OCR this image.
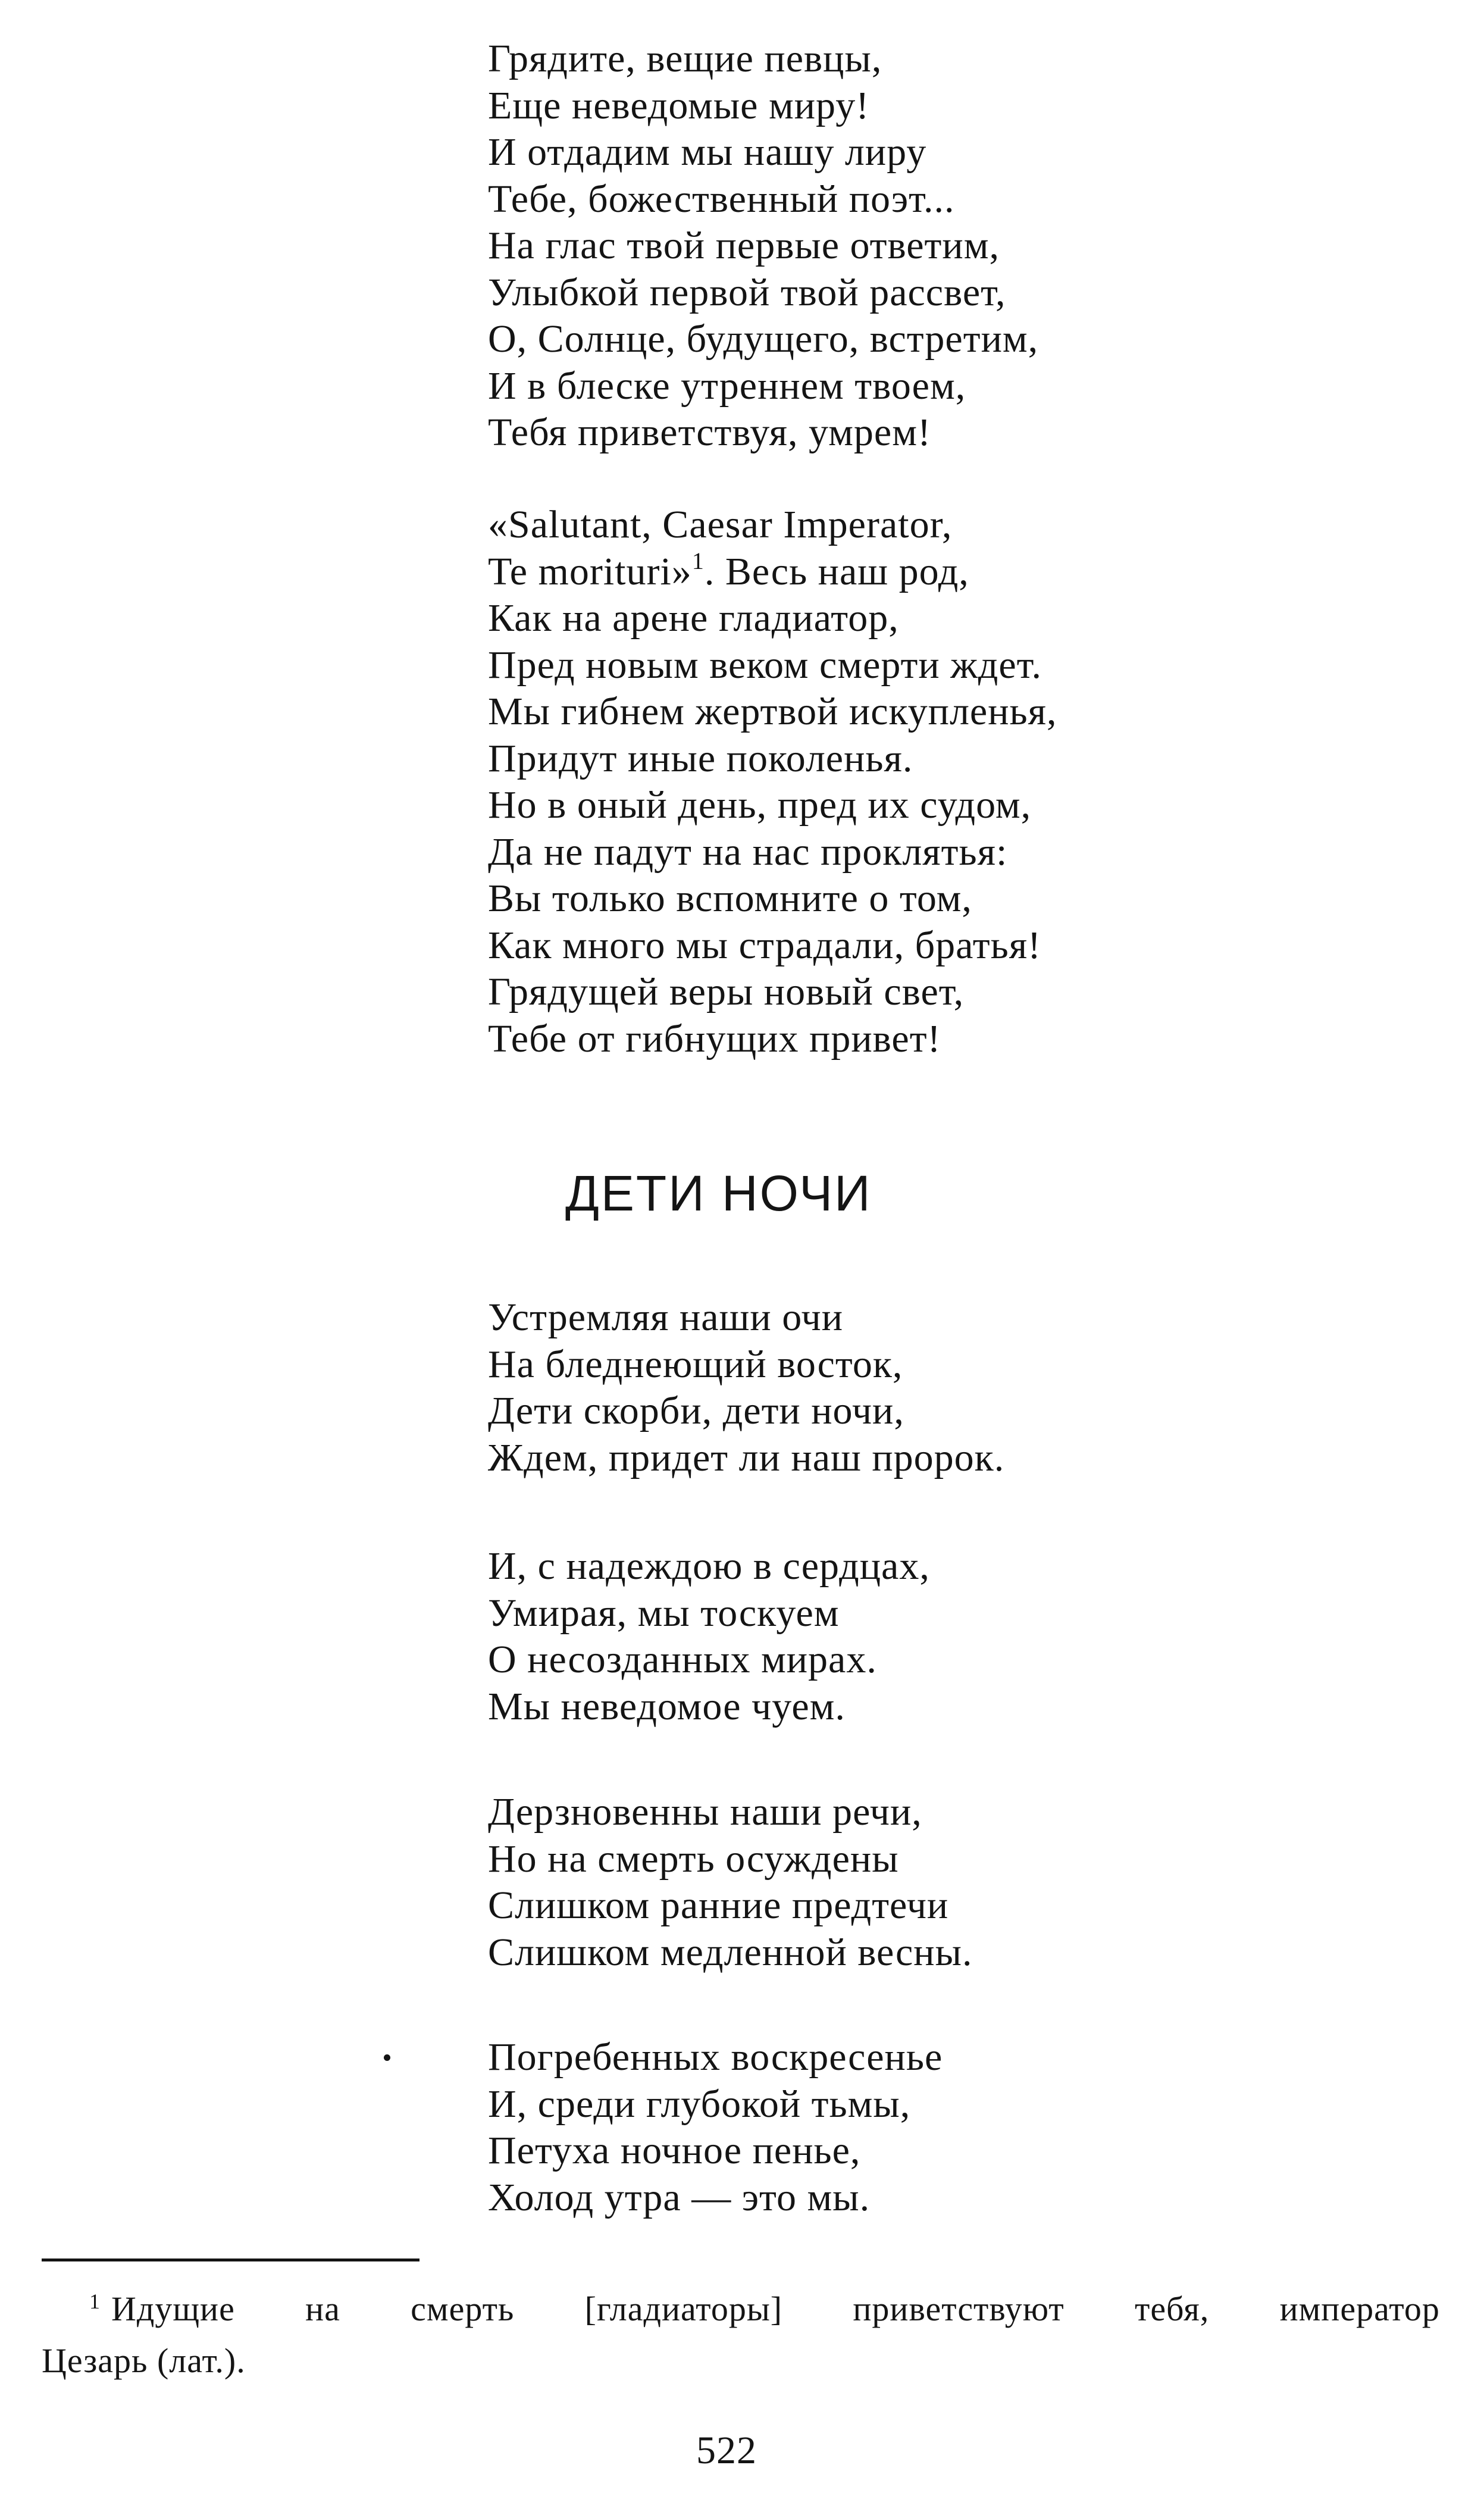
Грядите, вещие певцы,
Еще неведомые миру!
И отдадим мы нашу лиру
Тебе, божественный поэт...
На глас твой первые ответим,
Улыбкой первой твой рассвет,
О, Солнце, будущего, встретим,
И в блеске утреннем твоем,
Тебя приветствуя, умрем!
«Salutant, Caesar Imperator,
Te morituri»$^1$. Весь наш род,
Как на арене гладиатор,
Пред новым веком смерти ждет.
Мы гибнем жертвой искупленья,
Придут иные поколенья.
Но в оный день, пред их судом,
Да не падут на нас проклятья:
Вы только вспомните о том,
Как много мы страдали, братья!
Грядущей веры новый свет,
Тебе от гибнущих привет!
ДЕТИ НОЧИ
Устремляя наши очи
На бледнеющий восток,
Дети скорби, дети ночи,
Ждем, придет ли наш пророк.
И, с надеждою в сердцах,
Умирая, мы тоскуем
О несозданных мирах.
Мы неведомое чуем.
Дерзновенны наши речи,
Но на смерть осуждены
Слишком ранние предтечи
Слишком медленной весны.
Погребенных воскресенье
И, среди глубокой тьмы,
Петуха ночное пенье,
Холод утра — это мы.
$^1$ Идущие на смерть [гладиаторы] приветствуют тебя, император
Цезарь (лат.).
522
